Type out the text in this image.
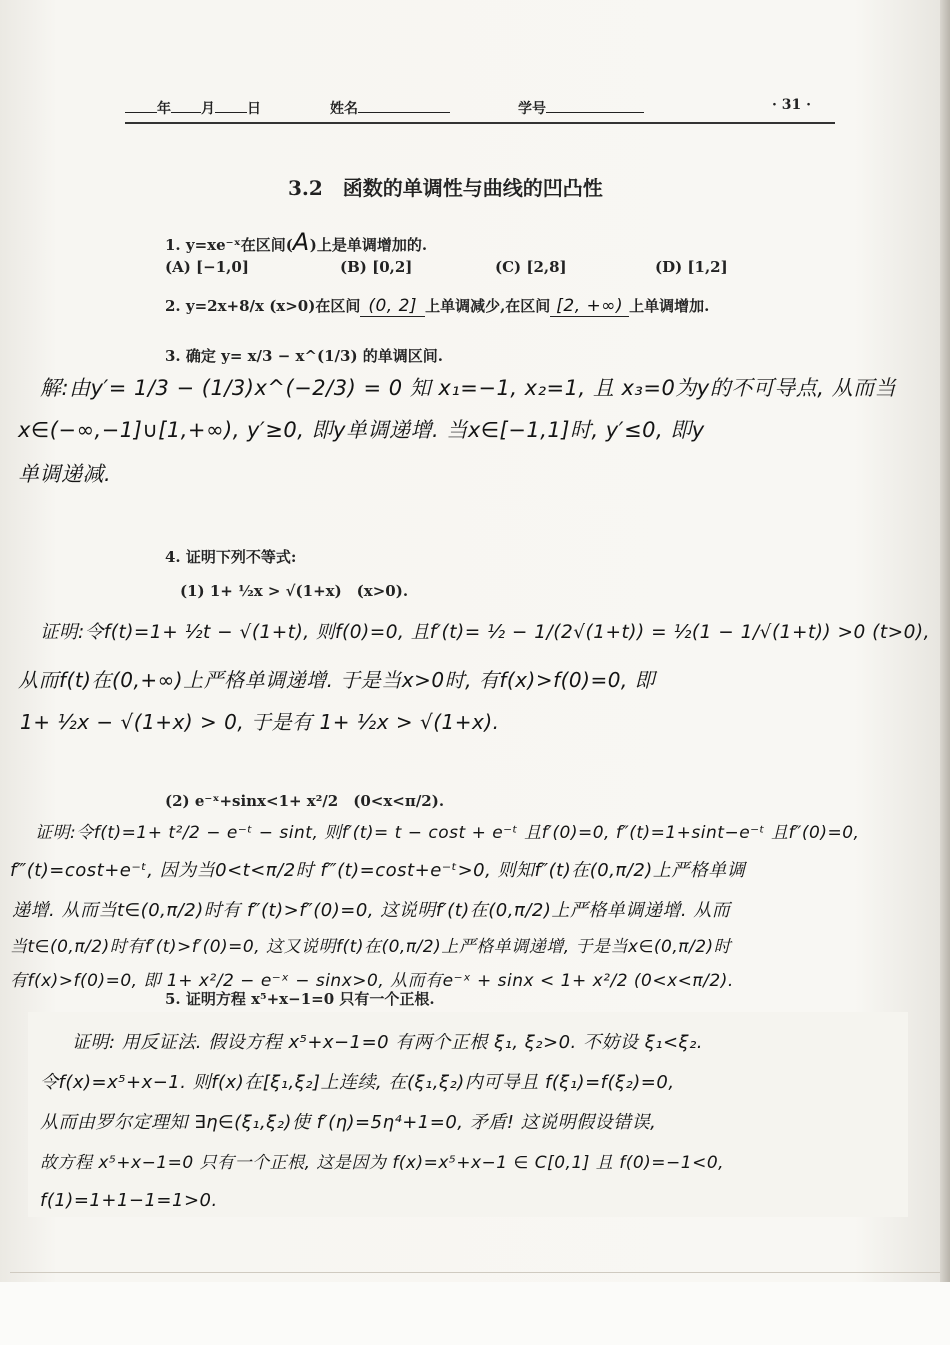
年 月 日	姓名	学号	· 31 ·
3.2　函数的单调性与曲线的凹凸性
1. y=xe⁻ˣ在区间(A)上是单调增加的.
(A) [−1,0]	(B) [0,2]	(C) [2,8]	(D) [1,2]
2. y=2x+8/x (x>0)在区间 (0, 2] 上单调减少,在区间 [2, +∞) 上单调增加.
3. 确定 y= x/3 − x^(1/3) 的单调区间.
解:由y′= 1/3 − (1/3)x^(−2/3) = 0 知 x₁=−1, x₂=1, 且 x₃=0为y的不可导点, 从而当
x∈(−∞,−1]∪[1,+∞), y′≥0, 即y单调递增. 当x∈[−1,1]时, y′≤0, 即y
单调递减.
4. 证明下列不等式:
(1) 1+ ½x > √(1+x)　(x>0).
证明:令f(t)=1+ ½t − √(1+t), 则f(0)=0, 且f′(t)= ½ − 1/(2√(1+t)) = ½(1 − 1/√(1+t)) >0 (t>0),
从而f(t)在(0,+∞)上严格单调递增. 于是当x>0时, 有f(x)>f(0)=0, 即
1+ ½x − √(1+x) > 0, 于是有 1+ ½x > √(1+x).
(2) e⁻ˣ+sinx<1+ x²/2　(0<x<π/2).
证明:令f(t)=1+ t²/2 − e⁻ᵗ − sint, 则f′(t)= t − cost + e⁻ᵗ 且f′(0)=0, f″(t)=1+sint−e⁻ᵗ 且f″(0)=0,
f‴(t)=cost+e⁻ᵗ, 因为当0<t<π/2时 f‴(t)=cost+e⁻ᵗ>0, 则知f″(t)在(0,π/2)上严格单调
递增. 从而当t∈(0,π/2)时有 f″(t)>f″(0)=0, 这说明f′(t)在(0,π/2)上严格单调递增. 从而
当t∈(0,π/2)时有f′(t)>f′(0)=0, 这又说明f(t)在(0,π/2)上严格单调递增, 于是当x∈(0,π/2)时
有f(x)>f(0)=0, 即 1+ x²/2 − e⁻ˣ − sinx>0, 从而有e⁻ˣ + sinx < 1+ x²/2 (0<x<π/2).
5. 证明方程 x⁵+x−1=0 只有一个正根.
证明: 用反证法. 假设方程 x⁵+x−1=0 有两个正根 ξ₁, ξ₂>0. 不妨设 ξ₁<ξ₂.
令f(x)=x⁵+x−1. 则f(x)在[ξ₁,ξ₂]上连续, 在(ξ₁,ξ₂)内可导且 f(ξ₁)=f(ξ₂)=0,
从而由罗尔定理知 ∃η∈(ξ₁,ξ₂)使 f′(η)=5η⁴+1=0, 矛盾! 这说明假设错误,
故方程 x⁵+x−1=0 只有一个正根, 这是因为 f(x)=x⁵+x−1 ∈ C[0,1] 且 f(0)=−1<0,
f(1)=1+1−1=1>0.
